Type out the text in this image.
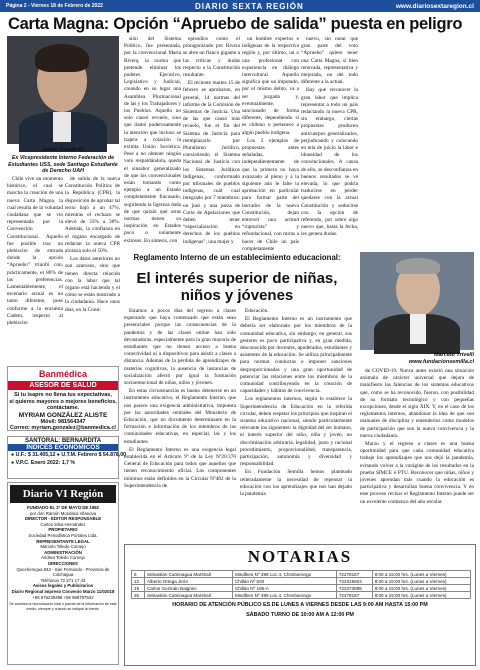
Página 2 - Viernes 18 de Febrero de 2022	DIARIO SEXTA REGIÓN	www.diariosextaregion.cl
Carta Magna: Opción “Apruebo de salida” puesta en peligro
Javier Osorio O.
Ex Vicepresidente Interno Federación de Estudiantes USS, sede Santiago Estudiante de Derecho UAH

Chile vive un momento histórico, el cual se marcha la creación de una nueva Carta Magna, la cual resulta de la voluntad ciudadana que se vio representada por la Convención Constitucional. Aquello fue posible tras un plebiscito de entrada donde la opción “Apruebo” triunfó con, prácticamente, el 80% de las preferencias. Lamentablemente, el escenario actual es un tanto diferente, pues conforme a la encuesta Cadem, respecto al plebiscito

de salida de la nueva Constitución Política de la República (CPR), la disposición de aprobar tal texto bajó a un 47%, mientras el rechazo se elevó de 33% a 38%. Además, la confianza en el órgano encargado de redactar la nueva CPR alcanza solo el 50%.

Los datos anteriores no son azarosos, sino que tienen directa relación con la labor que tal órgano está haciendo y el cómo se están mostrado a la ciudadanía. Hace unos días, en la Comi-

sión del Sistema Político, fue presentada, por la convencional María Rivera, la norma que pretende eliminar los poderes Ejecutivo, Legislativo y Judicial, creando en su lugar una Asamblea Plurinacional de las y los Trabajadores y los Pueblos. Aquello no solo causó revuelo, sino que llamó poderosamente la atención que incluso se trajera a colación la extinta Unión Soviética. Pese a no obtener ningún voto respaldándola, queda el sinsabor generalizado de que los convencionales están tomando como ejemplo a un Estado completamente fracasado, sugiriendo la ligereza dada de que quizás qué otras normas tienen su inspiración en Estados poco o nulamente exitosos. En síntesis, con

episodios como el protagonizado por Rivera se abre un flanco gigante a las críticas y dudas respecto a la Constitución resultante.

El reciente martes 15 de febrero se aprobaron, en general, 14 normas del informe de la Comisión de Sistemas de Justicia. Una de las que causó más revuelo, fue el fin del Sistema de Justicia para reemplazarlo por Pluralismo Jurídico, coexistiendo el Sistema Nacional de Justicia con los Sistemas Jurídicos Indígenas, conformado por tribunales de pueblos indígenas, cuál cual integrado por 7 miembros: un juez y una jueza de Corte de Apelaciones que deben tener “especialización en derechos de los pueblos indígenas”, una mujer y

un hombre expertos e indígenas de la respectiva región y, por último, un o una profesional con experiencia en diálogo intercultural. Aquello significa que un imputado, por el mismo delito, va a ser juzgado y, eventualmente, sancionado de forma diferente, dependiendo si es chileno o pertenece a algún pueblo indígena.

Los 2 ejemplos de propuestas antes señaladas, independientemente de que la primera no haya avanzado al pleno y a la siguiente aún le falte la aprobación en particular para formar parte del borrador de la nueva Constitución, dejan entrever una actitud “rupturista” y refundacional, con miras a hacer de Chile un país completamente

nuevo, sin notar que gran parte del voto “Apruebo” quiere tener una Carta Magna, sí bien renovada, representativa y mejorada, no del todo diferente a la actual.

Hay que reconocer la gran labor que implica representar a todo un país redactando la nueva CPR, sin embargo, ciertas propuestas producen anticuerpos generalizados, perjudicando y colocando en tela de juicio la labor e idoneidad de los convencionales. A causa de ello, se desconfianza en buenos resultados se ve elevada, lo que podría traducirse en perder quedarse con la actual Constitución y seducirse con la opción de referendo, por sobre algo nuevo que, hasta la fecha, les genera dudas.

Banmédica
ASESOR DE SALUD
Si tu isapre no llena tus expectativas,
sí quieres mayores o mejores beneficios,
contáctame.
MYRIAM GONZÁLEZ ALISTE
Móvil: 981564347
Correo: myriam.gonzalez@banmedica.cl
SANTORAL: BERNARDITA
ÍNDICES ECONÓMICOS
● U.F.: $ 31.405,12 ● U.T.M. Febrero $ 54.878,00
● V.P.C. Enero 2022: 1,7 %
Diario VI Región
FUNDADO EL 2º DE MAYO DE 1982
por don Ramón Mondaca Vilanova
DIRECTOR - EDITOR RESPONSABLE
Carlos Silva Hernández
PROPIETARIO
Sociedad Periodística Portales Ltda.
REPRESENTANTE LEGAL
Marcelo Toledo Cornejo
ADMINISTRACIÓN
Andrea Toledo Cornejo
DIRECCIONES
Quecheregua 842 - San Fernando - Provincia de Colchagua
Teléfonos 72 271 17 43
Avisos legales y Publicitarios
Diario Regional impreso Convenio Marzo 11/02018
+56 976235498 +56 958797502
Se autoriza la reproducción total o parcial de la información de este medio, siempre y cuando se indique la fuente.
Reglamento Interno de un establecimiento educacional:
El interés superior de niñas, niños y jóvenes

Estamos a pocos días del regreso a clases esperando que haya comenzado que están sean presenciales porque las consecuencias de la pandemia y de las clases online han sido devastadoras, especialmente para la gran mayoría de estudiantes que no tienen acceso a buena conectividad ni a dispositivos para asistir a clases a distancia. Además de la pérdida de aprendizajes de materias cognitivas, la ausencia de instancias de socialización afectó por igual la formación socioemocional de niñas, niños y jóvenes.

En estas circunstancias es bueno detenerse en un instrumento educativo, el Reglamento Interno, que nos parece una exigencia administrativa, impuesta por las autoridades centrales del Ministerio de Educación, que no documento determinante en la formación e información de los miembros de las comunidades educativas, en especial, las y los estudiantes.

El Reglamento Interno es una exigencia legal establecida en el Artículo 9º de la Ley Nº20.370 General de Educación para todos que aquellos que tienen reconocimiento oficial. Los componentes mínimos están definidos en la Circular Nº482 de la Superintendencia de

Educación.

El Reglamento Interno es un instrumento que debería ser elaborado por los miembros de la comunidad educativa, sin embargo, en general, sus gestores es poco participativa y, en gran medida, desconocido por docentes, apoderados, estudiantes y asistentes de la educación. Se utiliza principalmente para normar conductas e imponer sanciones desproporcionadas y una gran oportunidad de potenciar las relaciones entre los miembros de la comunidad contribuyendo en la creación de capacidades y hábitos de convivencia.

Los reglamentos internos, según lo establece la Superintendencia de Educación en la referida circular, deben respetar los principios que inspiran el sistema educativo nacional, siendo particularmente relevante los siguientes: la dignidad del ser humano, el interés superior del niño, niña y joven, no discriminación arbitraria, legalidad, justo y racional procedimiento, proporcionalidad, transparencia, participación, autonomía y diversidad y responsabilidad.

En Fundación Semilla hemos planteado reiteradamente la necesidad de repensar la educación con los aprendizajes que nos han dejado la pandemia

Marcelo Trivelli
www.fundacionsemilla.cl

de COVID-19. Nunca antes existió una situación anómala de carácter universal que dejara de manifiesto las falencias de los sistemas educativos que, como se ha reconocido, fueron, con posibilidad de su formato tecnológico y con pequeñas excepciones, desde el siglo XIX. Y, en el caso de los reglamentos internos, abandonar la idea de que son manuales de disciplina y entenderlos como modelos de participación que son la nueva convivencia y la nueva ciudadanía.

Marzo y el regreso a clases es una buena oportunidad para que cada comunidad educativa trabaje los aprendizajes que nos dejó la pandemia, evitando volver a la vorágine de los resultados en la prueba SIMCE o PTU. Reconocer que niñas, niños y jóvenes aprendan más cuando la educación es participativa y desarrollan buena convivencia. Y en este proceso revisar el Reglamento Interno puede ser un excelente comienzo del año escolar.

NOTARIAS
5	Sebastián Caminagua Marshall	Mindlkeo Nº 399 Loc.4, Chimbarongo	72278187	9:00 a 15:00 hrs. (Lunes a Viernes)
12	Alberto Ortega Jirón	Chillán Nº 620	722316604	9:00 a 15:00 hrs. (Lunes a Viernes)
19	Carlos Guzmán Baignini	Chillán Nº 185-A	722373885	9:00 a 15:00 hrs. (Lunes a Viernes)
26	Sebastián Caminagua Marshall	Mindlkeo Nº 399 Loc.4, Chimbarongo	72278187	9:00 a 15:00 hrs. (Lunes a Viernes)
HORARIO DE ATENCIÓN PÚBLICO ES DE LUNES A VIERNES DESDE LAS 9:00 AM HASTA 15:00 PM
SÁBADO TURNO DE 10:00 AM A 12:00 PM
